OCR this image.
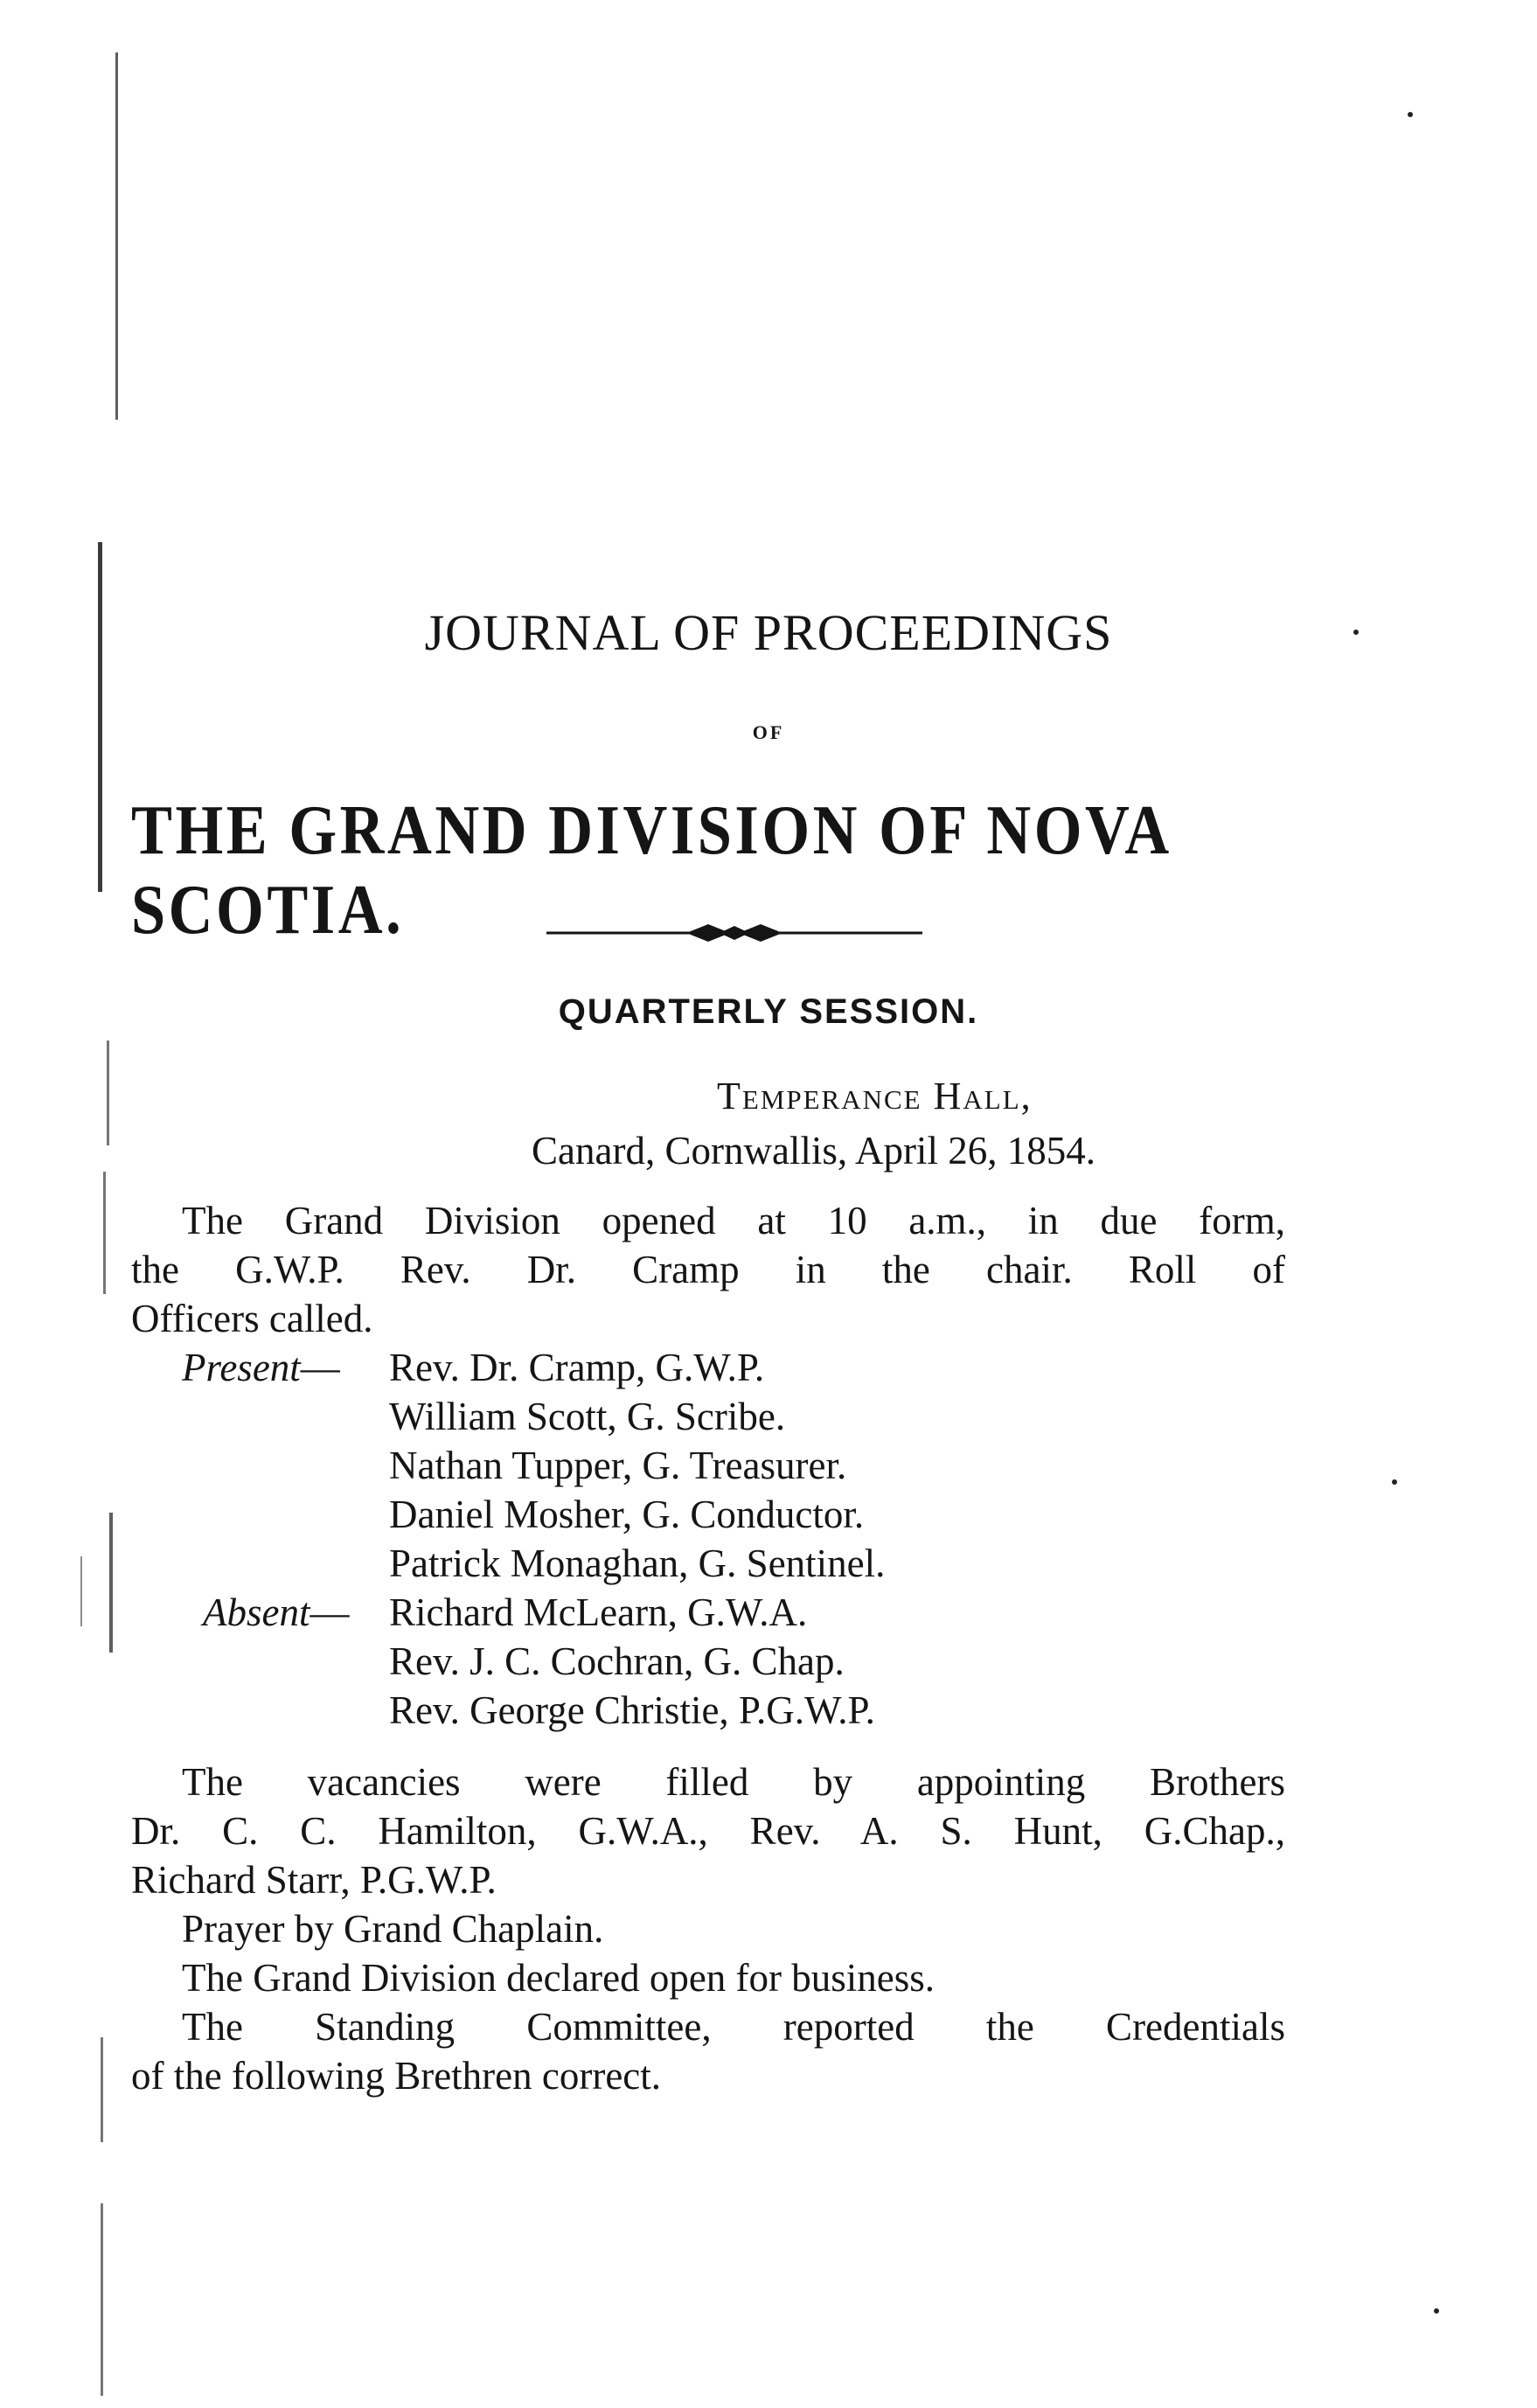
JOURNAL OF PROCEEDINGS
OF
THE GRAND DIVISION OF NOVA SCOTIA.
QUARTERLY SESSION.
Temperance Hall,
Canard, Cornwallis, April 26, 1854.

The Grand Division opened at 10 a.m., in due form,

the G.W.P. Rev. Dr. Cramp in the chair. Roll of

Officers called.

Present— Rev. Dr. Cramp, G.W.P.
William Scott, G. Scribe.
Nathan Tupper, G. Treasurer.
Daniel Mosher, G. Conductor.
Patrick Monaghan, G. Sentinel.
Absent— Richard McLearn, G.W.A.
Rev. J. C. Cochran, G. Chap.
Rev. George Christie, P.G.W.P.

The vacancies were filled by appointing Brothers

Dr. C. C. Hamilton, G.W.A., Rev. A. S. Hunt, G.Chap.,

Richard Starr, P.G.W.P.

Prayer by Grand Chaplain.
The Grand Division declared open for business.

The Standing Committee, reported the Credentials

of the following Brethren correct.
